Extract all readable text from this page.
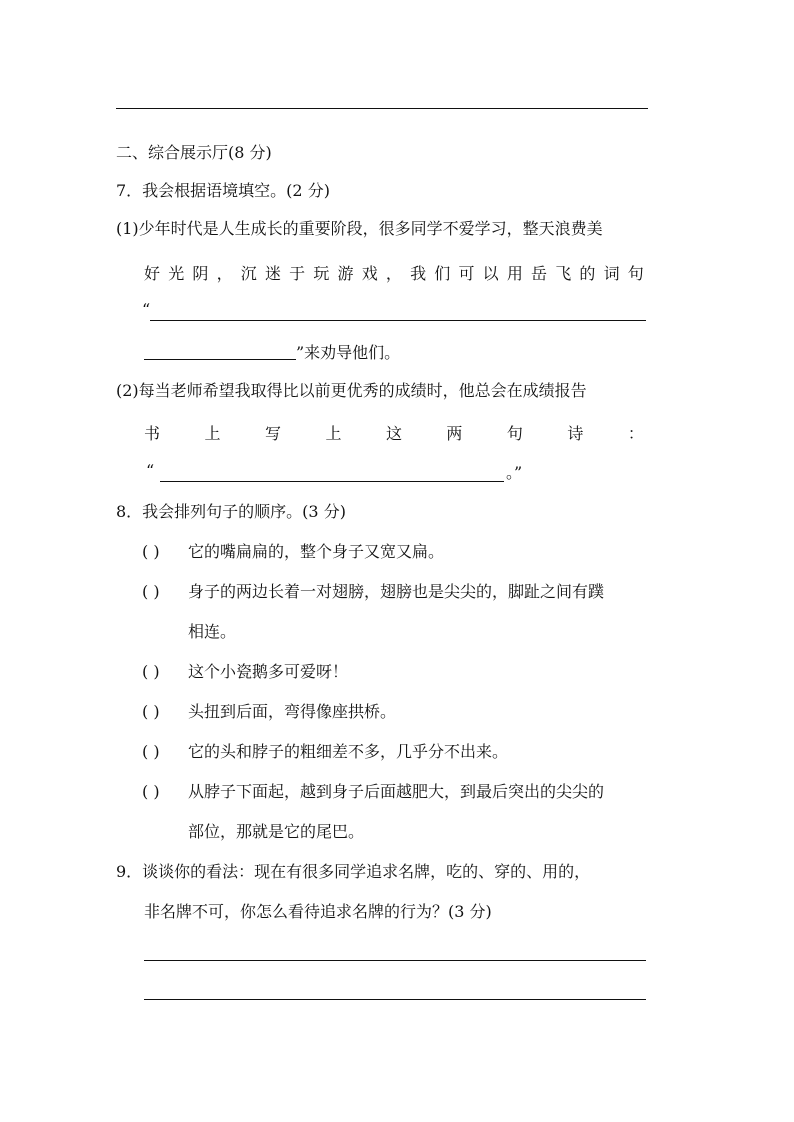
二、综合展示厅(8 分)
7．我会根据语境填空。(2 分)
(1)少年时代是人生成长的重要阶段，很多同学不爱学习，整天浪费美
好 光 阴 ， 沉 迷 于 玩 游 戏 ， 我 们 可 以 用 岳 飞 的 词 句
“
”来劝导他们。
(2)每当老师希望我取得比以前更优秀的成绩时，他总会在成绩报告
书	上	写	上	这	两	句	诗	：
“	。”
8．我会排列句子的顺序。(3 分)
( ) 它的嘴扁扁的，整个身子又宽又扁。
( ) 身子的两边长着一对翅膀，翅膀也是尖尖的，脚趾之间有蹼
相连。
( ) 这个小瓷鹅多可爱呀！
( ) 头扭到后面，弯得像座拱桥。
( ) 它的头和脖子的粗细差不多，几乎分不出来。
( ) 从脖子下面起，越到身子后面越肥大，到最后突出的尖尖的
部位，那就是它的尾巴。
9．谈谈你的看法：现在有很多同学追求名牌，吃的、穿的、用的，
非名牌不可，你怎么看待追求名牌的行为？(3 分)
